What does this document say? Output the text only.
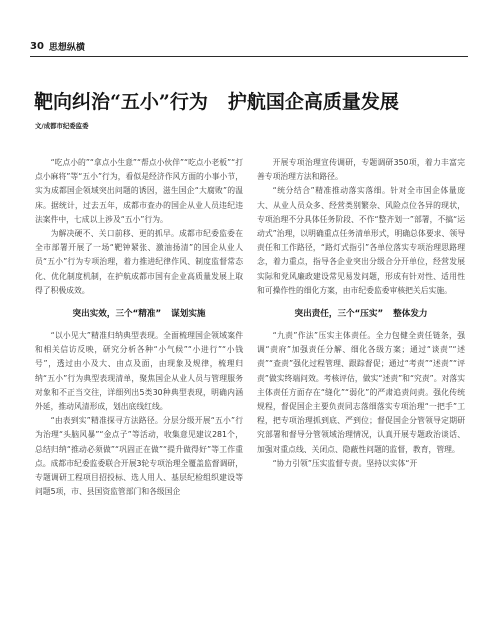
30 思想纵横
靶向纠治“五小”行为 护航国企高质量发展
文/成都市纪委监委

“吃点小的”“拿点小生意”“帮点小伙伴”“吃点小老板”“打点小麻将”等“五小”行为，看似是经济作风方面的小事小节，实为成都国企领域突出问题的诱因，滋生国企“大腐败”的温床。据统计，过去五年，成都市查办的国企从业人员违纪违法案件中，七成以上涉及“五小”行为。

为解决硬不、关口前移、更的抓早。成都市纪委监委在全市部署开展了一场“靶钟紧张、激油扬清”的国企从业人员“五小”行为专项治理，着力推进纪律作风、制度监督常态化、优化制度机制，在护航成都市国有企业高质量发展上取得了积极成效。

突出实效，三个“精准” 谋划实施

“以小见大”精准归纳典型表现。全面梳理国企领域案件和相关信访反映，研究分析各种“小气候”“小进行”“小钱号”，透过由小及大、由点及面，由现象及规律，梳理归纳“五小”行为典型表现清单，聚焦国企从业人员与管理服务对象和不正当交往，详细列出5类30种典型表现，明确内涵外延，推动风清形成，划出底线红线。

“由表到实”精准探寻方法路径。分层分级开展“五小”行为治理“头脑风暴”“金点子”等活动，收集意见建议281个，总结归纳“推动必须做”“巩固正在做”“提升做得好”等工作重点。成都市纪委监委联合开展3轮专项治理全覆盖监督调研，专题调研工程项目招投标、选人用人、基层纪检组织建设等问题5项，市、县国资监管部门和各级国企

开展专项治理宣传调研，专题调研350项，着力丰富完善专项治理方法和路径。

“统分结合”精准推动落实落细。针对全市国企体量庞大、从业人员众多、经营类别繁杂、风险点位各异的现状，专项治理不分具体任务阶段、不作“整齐划一”部署，不搞“运动式”治理，以明确重点任务清单形式，明确总体要求、领导责任和工作路径，“路灯式指引”各单位落实专项治理思路理念，着力重点，指导各企业突出分级合分开单位，经营发展实际和党风廉政建设常见易发问题，形成有针对性、适用性和可操作性的细化方案，由市纪委监委审核把关后实施。

突出责任，三个“压实” 整体发力

“九责”作法”压实主体责任。全力包健全责任链条，强调“责府”加强责任分解、细化各级方案；通过“谈责”“述责”“查责”强化过程管理、跟踪督促；通过“考责”“述责”“评责”做实终端问效。考核评估，做实“述责”和“究责”。对落实主体责任方面存在“缝化”“弱化”的严肃追责问责。强化传统规程，督促国企主要负责同志落细落实专项治理“一把手”工程，把专项治理抓到底、严到位；督促国企分管领导定期研究部署和督导分管领域治理情况，认真开展专题政治谈话、加强对重点线、关闭点、隐蔽性问题的监督，教育，管理。

“协力引领”压实监督专责。坚持以实体“开
